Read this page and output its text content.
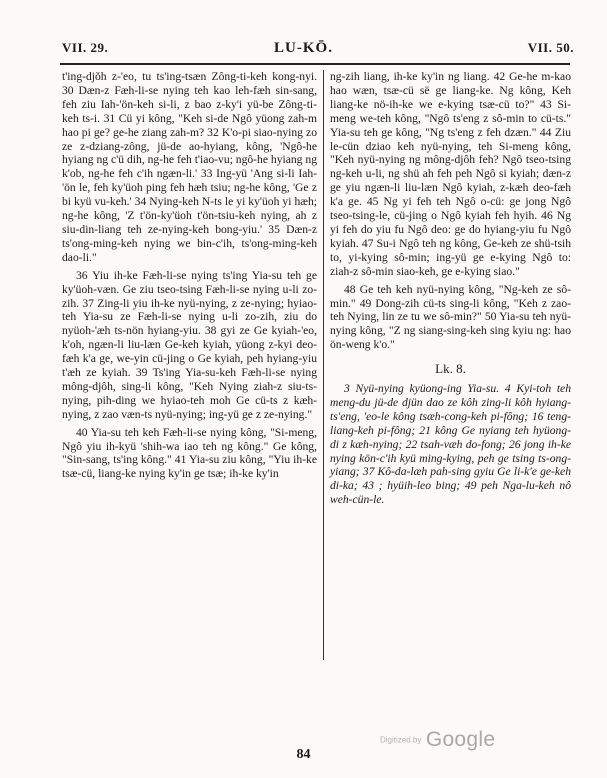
VII. 29.	LU-KŌ.	VII. 50.

t'ing-djǒh z-'eo, tu ts'ing-tsæn Zông-ti-keh kong-nyi. 30 Dæn-z Fæh-li-se nying teh kao leh-fæh sin-sang, feh ziu Iah-'ön-keh si-li, z bao z-ky'i yü-be Zông-ti-keh ts-i. 31 Cü yi kông, "Keh si-de Ngô yüong zah-m hao pi ge? ge-he ziang zah-m? 32 K'o-pi siao-nying zo ze z-dziang-zông, jü-de ao-hyiang, kông, 'Ngô-he hyiang ng c'ü dih, ng-he feh t'iao-vu; ngô-he hyiang ng k'ob, ng-he feh c'ih ngæn-li.' 33 Ing-yü 'Ang si-li Iah-'ön le, feh ky'üoh ping feh hæh tsiu; ng-he kông, 'Ge z bi kyü vu-keh.' 34 Nying-keh N-ts le yi ky'üoh yi hæh; ng-he kông, 'Z t'ön-ky'üoh t'ön-tsiu-keh nying, ah z siu-din-liang teh ze-nying-keh bong-yiu.' 35 Dæn-z ts'ong-ming-keh nying we bin-c'ih, ts'ong-ming-keh dao-li."

36 Yiu ih-ke Fæh-li-se nying ts'ing Yia-su teh ge ky'üoh-væn. Ge ziu tseo-tsing Fæh-li-se nying u-li zo-zih. 37 Zing-li yiu ih-ke nyü-nying, z ze-nying; hyiao-teh Yia-su ze Fæh-li-se nying u-li zo-zih, ziu do nyüoh-'æh ts-nön hyiang-yiu. 38 gyi ze Ge kyiah-'eo, k'oh, ngæn-li liu-læn Ge-keh kyiah, yüong z-kyi deo-fæh k'a ge, we-yin cü-jing o Ge kyiah, peh hyiang-yiu t'æh ze kyiah. 39 Ts'ing Yia-su-keh Fæh-li-se nying mông-djôh, sing-li kông, "Keh Nying ziah-z siu-ts-nying, pih-ding we hyiao-teh moh Ge cü-ts z kæh-nying, z zao væn-ts nyü-nying; ing-yü ge z ze-nying."

40 Yia-su teh keh Fæh-li-se nying kông, "Si-meng, Ngô yiu ih-kyü 'shih-wa iao teh ng kông." Ge kông, "Sin-sang, ts'ing kông." 41 Yia-su ziu kông, "Yiu ih-ke tsæ-cü, liang-ke nying ky'in ge tsæ; ih-ke ky'in

ng-zih liang, ih-ke ky'in ng liang. 42 Ge-he m-kao hao wæn, tsæ-cü së ge liang-ke. Ng kông, Keh liang-ke nö-ih-ke we e-kying tsæ-cü to?" 43 Si-meng we-teh kông, "Ngô ts'eng z sô-min to cü-ts." Yia-su teh ge kông, "Ng ts'eng z feh dzæn." 44 Ziu le-cün dziao keh nyü-nying, teh Si-meng kông, "Keh nyü-nying ng mông-djôh feh? Ngô tseo-tsing ng-keh u-li, ng shü ah feh peh Ngô si kyiah; dæn-z ge yiu ngæn-li liu-læn Ngô kyiah, z-kæh deo-fæh k'a ge. 45 Ng yi feh teh Ngô o-cü: ge jong Ngô tseo-tsing-le, cü-jing o Ngô kyiah feh hyih. 46 Ng yi feh do yiu fu Ngô deo: ge do hyiang-yiu fu Ngô kyiah. 47 Su-i Ngô teh ng kông, Ge-keh ze shü-tsih to, yi-kying sô-min; ing-yü ge e-kying Ngô to: ziah-z sô-min siao-keh, ge e-kying siao."

48 Ge teh keh nyü-nying kông, "Ng-keh ze sô-min." 49 Dong-zih cü-ts sing-li kông, "Keh z zao-teh Nying, lin ze tu we sô-min?" 50 Yia-su teh nyü-nying kông, "Z ng siang-sing-keh sing kyiu ng: hao ön-weng k'o."

Lk. 8.

3 Nyü-nying kyüong-ing Yia-su. 4 Kyi-toh teh meng-du jü-de djün dao ze kôh zing-li kôh hyiang-ts'eng, 'eo-le kông tsæh-cong-keh pi-fông; 16 teng-liang-keh pi-fông; 21 kông Ge nyiang teh hyüong-di z kæh-nying; 22 tsah-væh do-fong; 26 jong ih-ke nying kön-c'ih kyü ming-kying, peh ge tsing ts-ong-yiang; 37 Kô-da-læh pah-sing gyiu Ge li-k'e ge-keh di-ka; 43 ; hyüih-leo bing; 49 peh Nga-lu-keh nô weh-cün-le.

Digitized by Google
84
